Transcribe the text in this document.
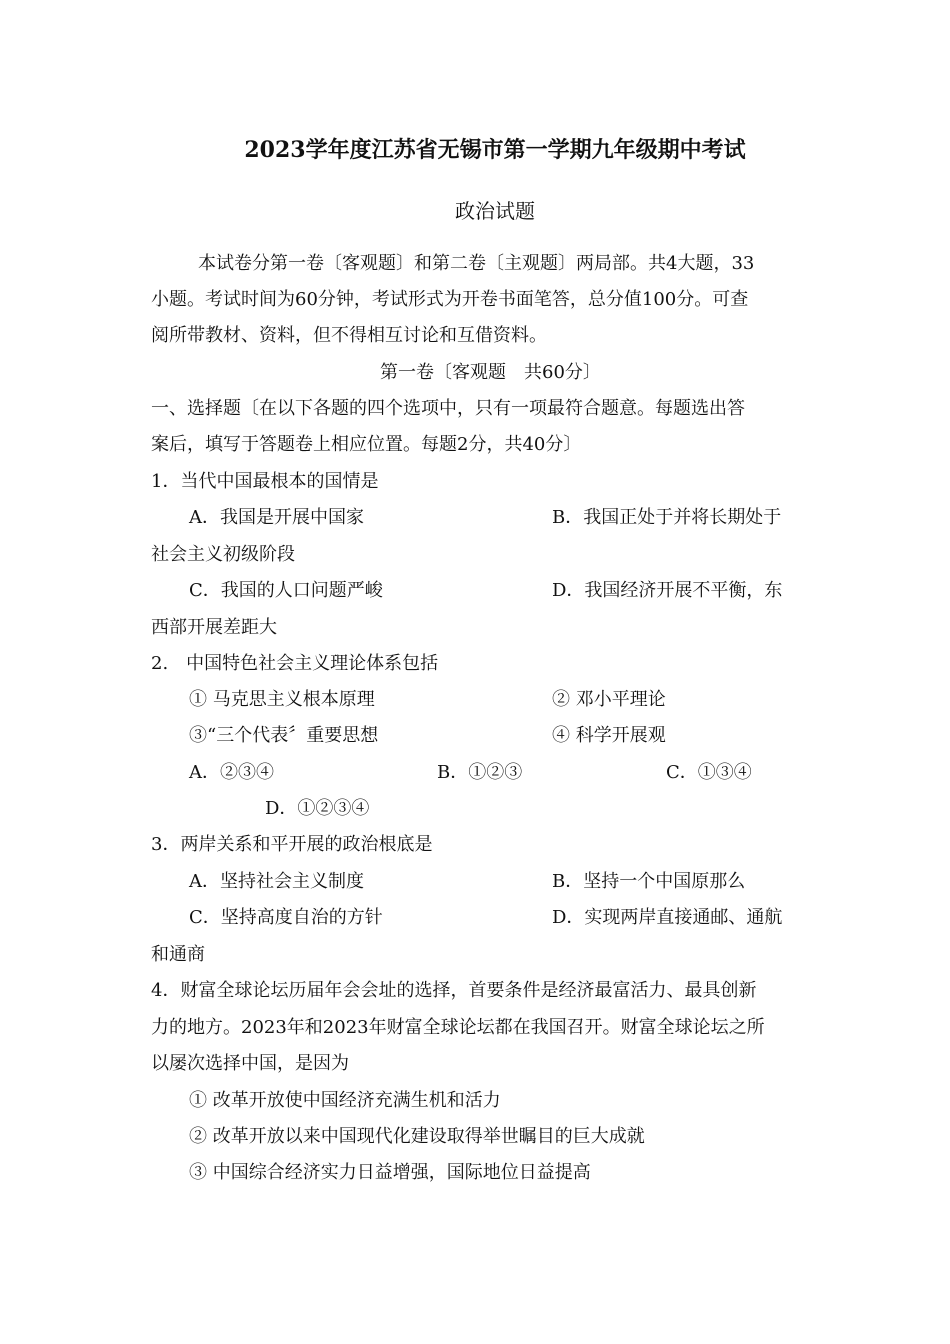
2023学年度江苏省无锡市第一学期九年级期中考试
政治试题
本试卷分第一卷〔客观题〕和第二卷〔主观题〕两局部。共4大题，33
小题。考试时间为60分钟，考试形式为开卷书面笔答，总分值100分。可查
阅所带教材、资料，但不得相互讨论和互借资料。
第一卷〔客观题　共60分〕
一、选择题〔在以下各题的四个选项中，只有一项最符合题意。每题选出答
案后，填写于答题卷上相应位置。每题2分，共40分〕
1．当代中国最根本的国情是
A．我国是开展中国家	B．我国正处于并将长期处于
社会主义初级阶段
C．我国的人口问题严峻	D．我国经济开展不平衡，东
西部开展差距大
2.　中国特色社会主义理论体系包括
① 马克思主义根本原理	② 邓小平理论
③“三个代表〞重要思想	④ 科学开展观
A．②③④	B．①②③	C．①③④
D．①②③④
3．两岸关系和平开展的政治根底是
A．坚持社会主义制度	B．坚持一个中国原那么
C．坚持高度自治的方针	D．实现两岸直接通邮、通航
和通商
4．财富全球论坛历届年会会址的选择，首要条件是经济最富活力、最具创新
力的地方。2023年和2023年财富全球论坛都在我国召开。财富全球论坛之所
以屡次选择中国，是因为
① 改革开放使中国经济充满生机和活力
② 改革开放以来中国现代化建设取得举世瞩目的巨大成就
③ 中国综合经济实力日益增强，国际地位日益提高
